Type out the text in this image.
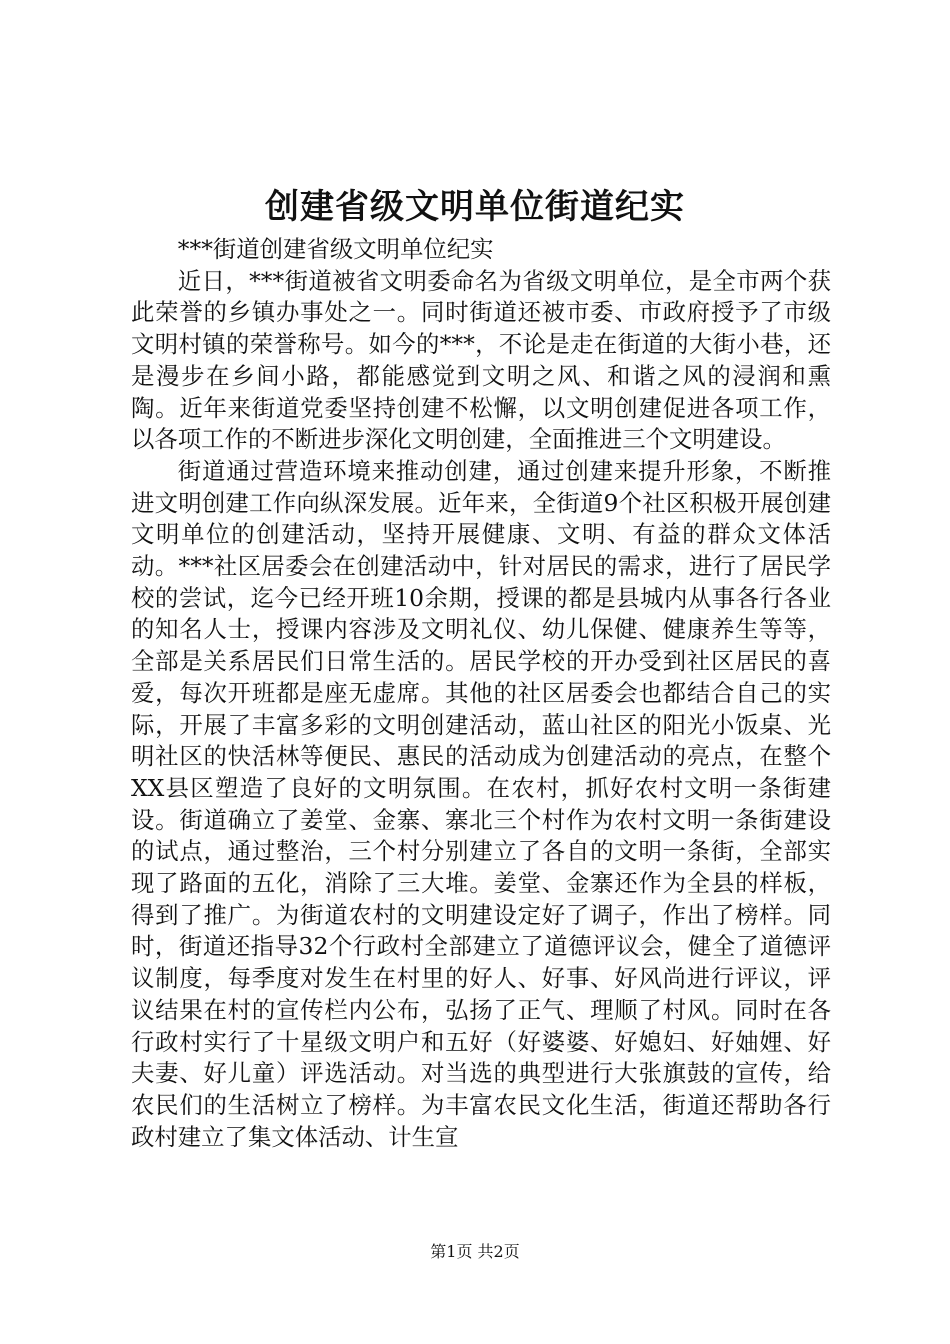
创建省级文明单位街道纪实

***街道创建省级文明单位纪实

近日，***街道被省文明委命名为省级文明单位，是全市两个获此荣誉的乡镇办事处之一。同时街道还被市委、市政府授予了市级文明村镇的荣誉称号。如今的***，不论是走在街道的大街小巷，还是漫步在乡间小路，都能感觉到文明之风、和谐之风的浸润和熏陶。近年来街道党委坚持创建不松懈，以文明创建促进各项工作，以各项工作的不断进步深化文明创建，全面推进三个文明建设。

街道通过营造环境来推动创建，通过创建来提升形象，不断推进文明创建工作向纵深发展。近年来，全街道9个社区积极开展创建文明单位的创建活动，坚持开展健康、文明、有益的群众文体活动。***社区居委会在创建活动中，针对居民的需求，进行了居民学校的尝试，迄今已经开班10余期，授课的都是县城内从事各行各业的知名人士，授课内容涉及文明礼仪、幼儿保健、健康养生等等，全部是关系居民们日常生活的。居民学校的开办受到社区居民的喜爱，每次开班都是座无虚席。其他的社区居委会也都结合自己的实际，开展了丰富多彩的文明创建活动，蓝山社区的阳光小饭桌、光明社区的快活林等便民、惠民的活动成为创建活动的亮点，在整个XX县区塑造了良好的文明氛围。在农村，抓好农村文明一条街建设。街道确立了姜堂、金寨、寨北三个村作为农村文明一条街建设的试点，通过整治，三个村分别建立了各自的文明一条街，全部实现了路面的五化，消除了三大堆。姜堂、金寨还作为全县的样板，得到了推广。为街道农村的文明建设定好了调子，作出了榜样。同时，街道还指导32个行政村全部建立了道德评议会，健全了道德评议制度，每季度对发生在村里的好人、好事、好风尚进行评议，评议结果在村的宣传栏内公布，弘扬了正气、理顺了村风。同时在各行政村实行了十星级文明户和五好（好婆婆、好媳妇、好妯娌、好夫妻、好儿童）评选活动。对当选的典型进行大张旗鼓的宣传，给农民们的生活树立了榜样。为丰富农民文化生活，街道还帮助各行政村建立了集文体活动、计生宣

第1页 共2页
